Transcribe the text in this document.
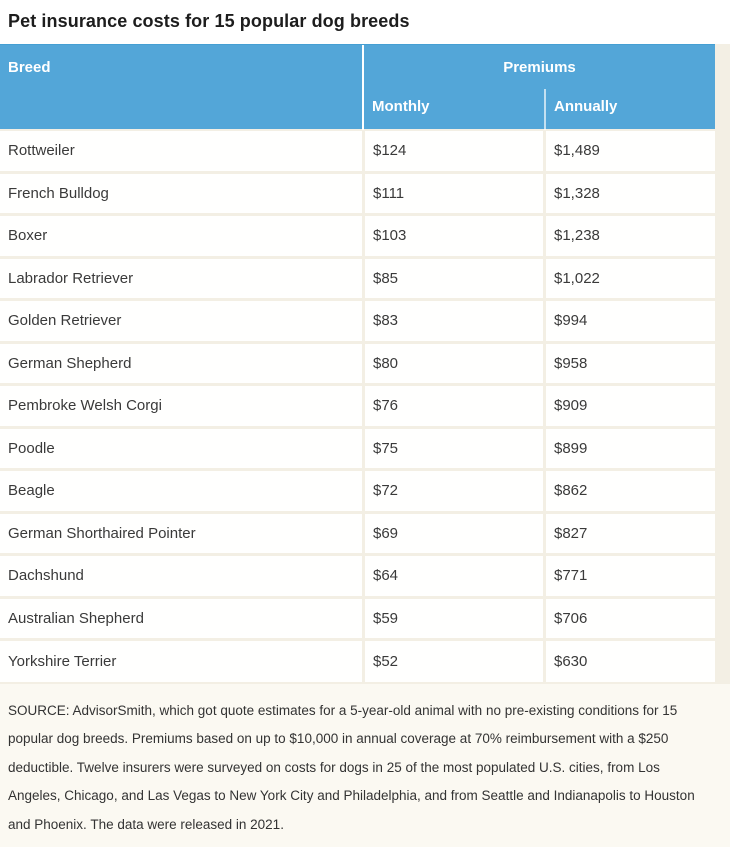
Pet insurance costs for 15 popular dog breeds
Breed	Premiums
Monthly	Annually
Rottweiler	$124	$1,489
French Bulldog	$111	$1,328
Boxer	$103	$1,238
Labrador Retriever	$85	$1,022
Golden Retriever	$83	$994
German Shepherd	$80	$958
Pembroke Welsh Corgi	$76	$909
Poodle	$75	$899
Beagle	$72	$862
German Shorthaired Pointer	$69	$827
Dachshund	$64	$771
Australian Shepherd	$59	$706
Yorkshire Terrier	$52	$630

SOURCE: AdvisorSmith, which got quote estimates for a 5-year-old animal with no pre-existing conditions for 15 popular dog breeds. Premiums based on up to $10,000 in annual coverage at 70% reimbursement with a $250 deductible. Twelve insurers were surveyed on costs for dogs in 25 of the most populated U.S. cities, from Los Angeles, Chicago, and Las Vegas to New York City and Philadelphia, and from Seattle and Indianapolis to Houston and Phoenix. The data were released in 2021.
